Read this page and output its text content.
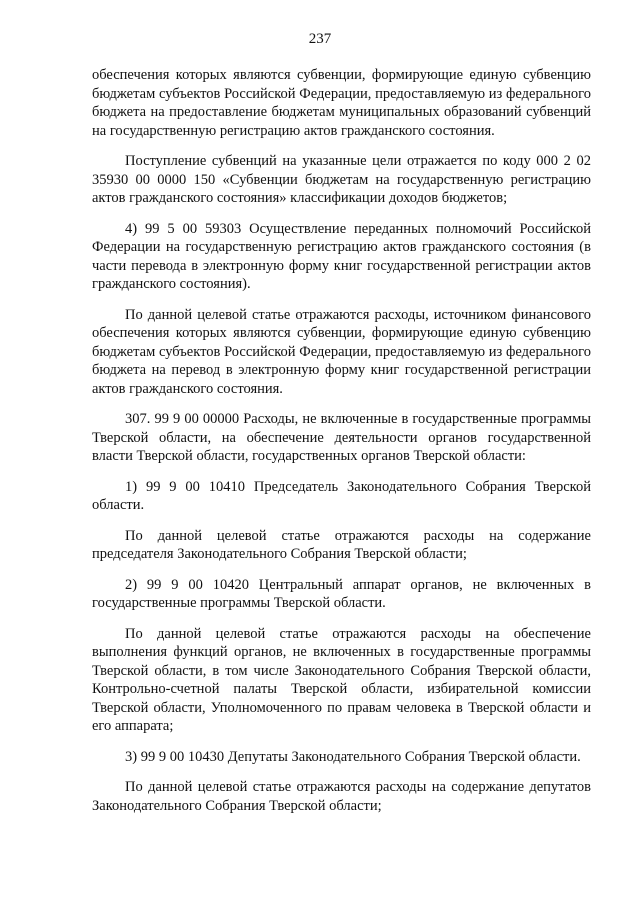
237

обеспечения которых являются субвенции, формирующие единую субвенцию бюджетам субъектов Российской Федерации, предоставляемую из федерального бюджета на предоставление бюджетам муниципальных образований субвенций на государственную регистрацию актов гражданского состояния.

Поступление субвенций на указанные цели отражается по коду 000 2 02 35930 00 0000 150 «Субвенции бюджетам на государственную регистрацию актов гражданского состояния» классификации доходов бюджетов;

4) 99 5 00 59303 Осуществление переданных полномочий Российской Федерации на государственную регистрацию актов гражданского состояния (в части перевода в электронную форму книг государственной регистрации актов гражданского состояния).

По данной целевой статье отражаются расходы, источником финансового обеспечения которых являются субвенции, формирующие единую субвенцию бюджетам субъектов Российской Федерации, предоставляемую из федерального бюджета на перевод в электронную форму книг государственной регистрации актов гражданского состояния.

307. 99 9 00 00000 Расходы, не включенные в государственные программы Тверской области, на обеспечение деятельности органов государственной власти Тверской области, государственных органов Тверской области:

1) 99 9 00 10410 Председатель Законодательного Собрания Тверской области.

По данной целевой статье отражаются расходы на содержание председателя Законодательного Собрания Тверской области;

2) 99 9 00 10420 Центральный аппарат органов, не включенных в государственные программы Тверской области.

По данной целевой статье отражаются расходы на обеспечение выполнения функций органов, не включенных в государственные программы Тверской области, в том числе Законодательного Собрания Тверской области, Контрольно-счетной палаты Тверской области, избирательной комиссии Тверской области, Уполномоченного по правам человека в Тверской области и его аппарата;

3) 99 9 00 10430 Депутаты Законодательного Собрания Тверской области.

По данной целевой статье отражаются расходы на содержание депутатов Законодательного Собрания Тверской области;
